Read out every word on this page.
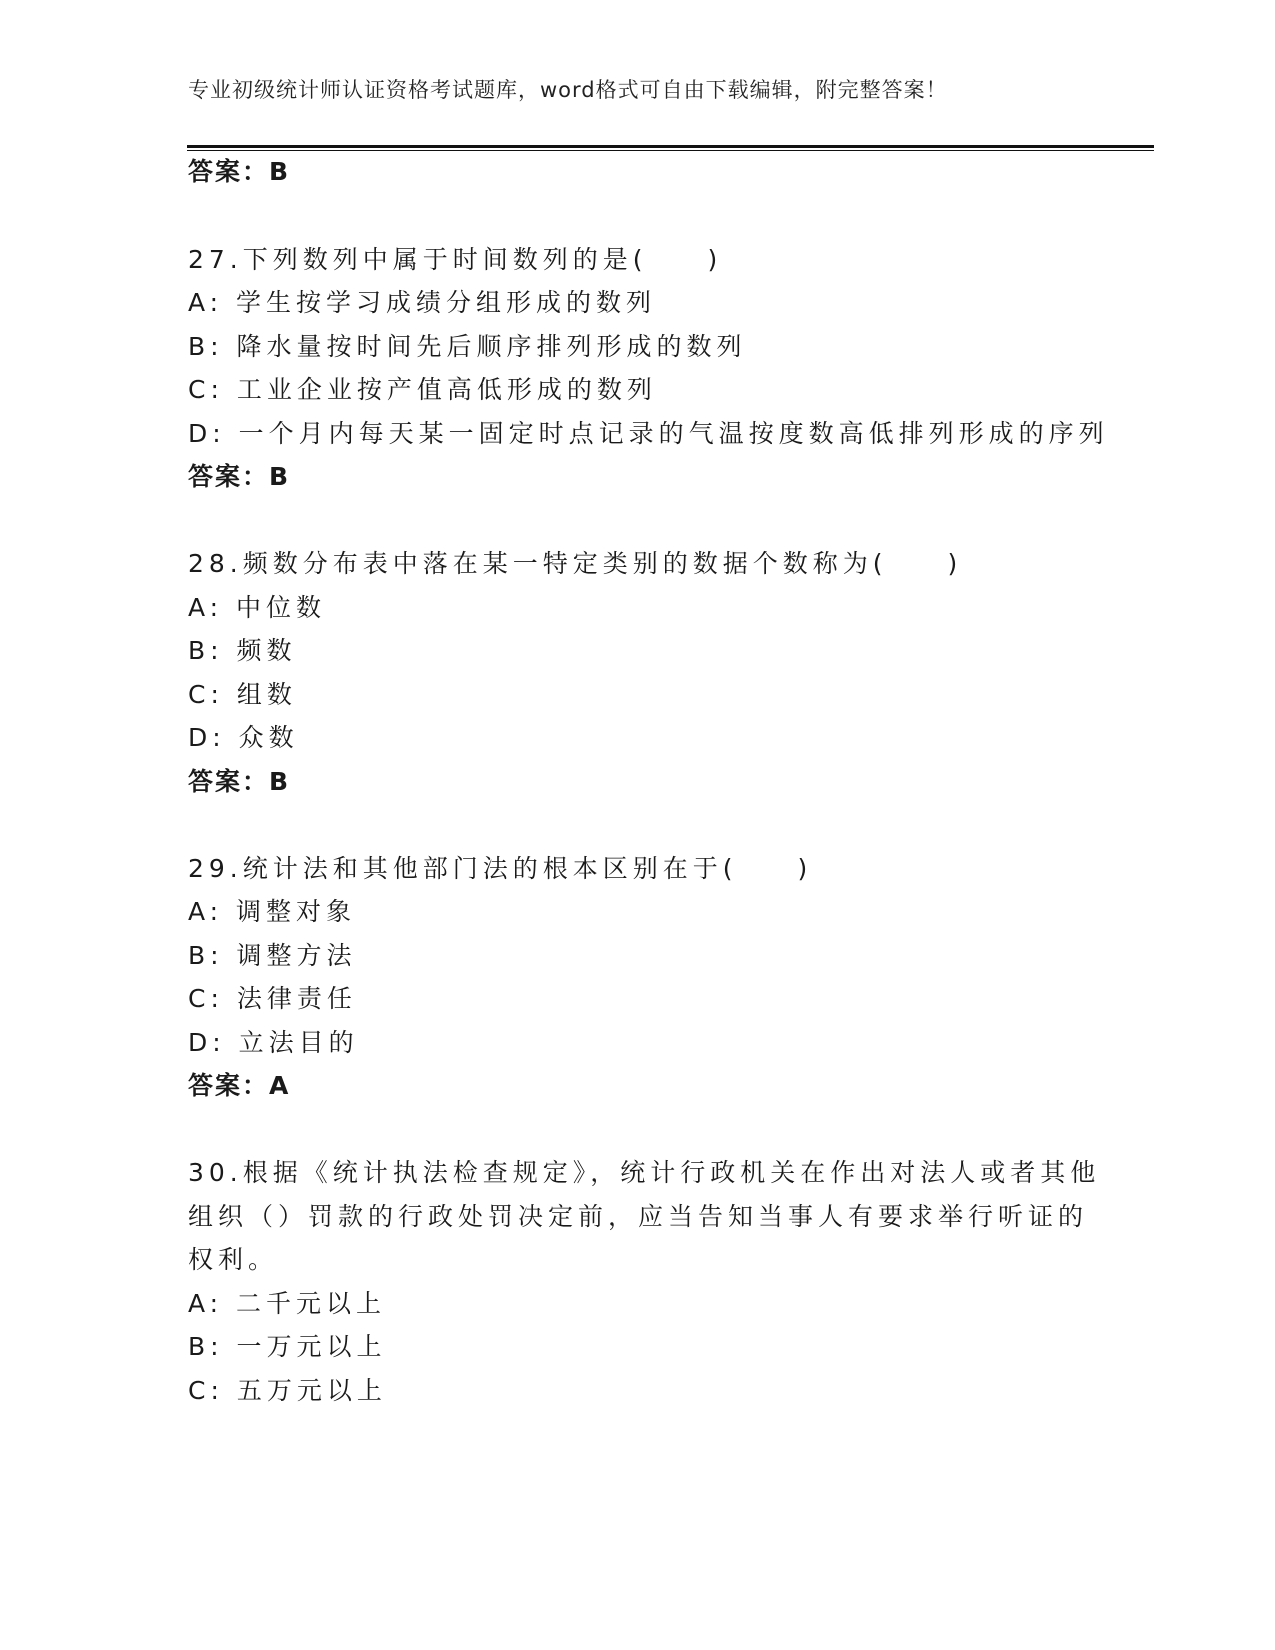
专业初级统计师认证资格考试题库，word格式可自由下载编辑，附完整答案！
答案：B
27.下列数列中属于时间数列的是(　　)
A: 学生按学习成绩分组形成的数列
B: 降水量按时间先后顺序排列形成的数列
C: 工业企业按产值高低形成的数列
D: 一个月内每天某一固定时点记录的气温按度数高低排列形成的序列
答案：B
28.频数分布表中落在某一特定类别的数据个数称为(　　)
A: 中位数
B: 频数
C: 组数
D: 众数
答案：B
29.统计法和其他部门法的根本区别在于(　　)
A: 调整对象
B: 调整方法
C: 法律责任
D: 立法目的
答案：A
30.根据《统计执法检查规定》，统计行政机关在作出对法人或者其他
组织（）罚款的行政处罚决定前，应当告知当事人有要求举行听证的
权利。
A: 二千元以上
B: 一万元以上
C: 五万元以上
